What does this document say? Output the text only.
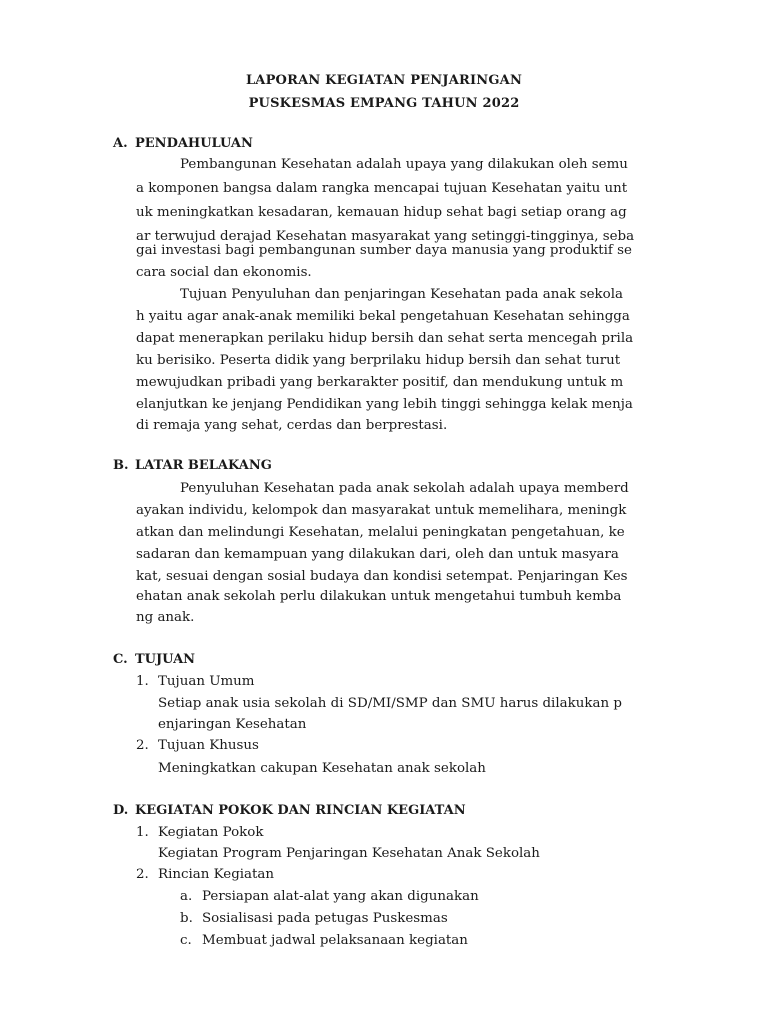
LAPORAN KEGIATAN PENJARINGAN
PUSKESMAS EMPANG TAHUN 2022
A. PENDAHULUAN
Pembangunan Kesehatan adalah upaya yang dilakukan oleh semu
a komponen bangsa dalam rangka mencapai tujuan Kesehatan yaitu unt
uk meningkatkan kesadaran, kemauan hidup sehat bagi setiap orang ag
ar terwujud derajad Kesehatan masyarakat yang setinggi-tingginya, seba
gai investasi bagi pembangunan sumber daya manusia yang produktif se
cara social dan ekonomis.
Tujuan Penyuluhan dan penjaringan Kesehatan pada anak sekola
h yaitu agar anak-anak memiliki bekal pengetahuan Kesehatan sehingga
dapat menerapkan perilaku hidup bersih dan sehat serta mencegah prila
ku berisiko. Peserta didik yang berprilaku hidup bersih dan sehat turut
mewujudkan pribadi yang berkarakter positif, dan mendukung untuk m
elanjutkan ke jenjang Pendidikan yang lebih tinggi sehingga kelak menja
di remaja yang sehat, cerdas dan berprestasi.
B. LATAR BELAKANG
Penyuluhan Kesehatan pada anak sekolah adalah upaya memberd
ayakan individu, kelompok dan masyarakat untuk memelihara, meningk
atkan dan melindungi Kesehatan, melalui peningkatan pengetahuan, ke
sadaran dan kemampuan yang dilakukan dari, oleh dan untuk masyara
kat, sesuai dengan sosial budaya dan kondisi setempat. Penjaringan Kes
ehatan anak sekolah perlu dilakukan untuk mengetahui tumbuh kemba
ng anak.
C. TUJUAN
1. Tujuan Umum
Setiap anak usia sekolah di SD/MI/SMP dan SMU harus dilakukan p
enjaringan Kesehatan
2. Tujuan Khusus
Meningkatkan cakupan Kesehatan anak sekolah
D. KEGIATAN POKOK DAN RINCIAN KEGIATAN
1. Kegiatan Pokok
Kegiatan Program Penjaringan Kesehatan Anak Sekolah
2. Rincian Kegiatan
a. Persiapan alat-alat yang akan digunakan
b. Sosialisasi pada petugas Puskesmas
c. Membuat jadwal pelaksanaan kegiatan
